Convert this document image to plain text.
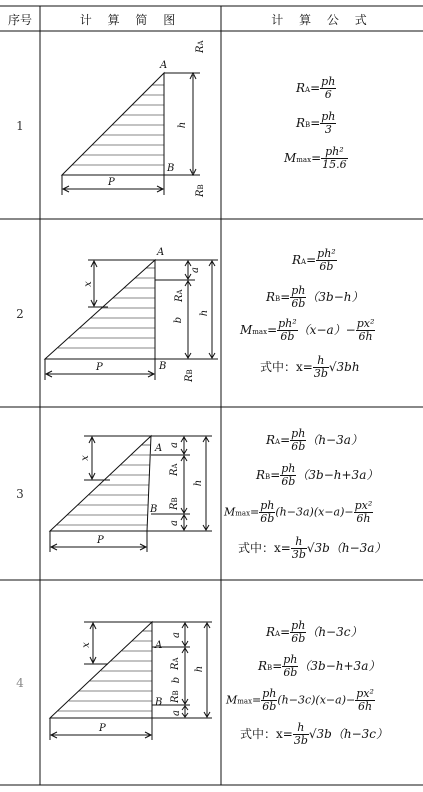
序号	计 算 简 图	计 算 公 式
1
2
3
4
A
B
RA
h
RB
P
$RA= \frac{ph}{6}$
$RB= \frac{ph}{3}$
$Mmax= \frac{\text{ph²}}{15.6}$
A
B
x
a
RA
b
h
RB
P
$RA= \frac{\text{ph²}}{6b}$
$RB= \frac{ph}{6b} (3b-h)$
$Mmax= \frac{\text{ph²}}{6b} (x-a)- \frac{\text{px²}}{6h}$
式中：$x= \frac{h}{3b} √3bh$
A
B
x
a
RA
RB
a
h
P
$RA= \frac{ph}{6b} (h-3a)$
$RB= \frac{ph}{6b} (3b-h+3a)$
$Mmax= \frac{ph}{6b} (h-3a)(x-a)- \frac{\text{px²}}{6h}$
式中：$x= \frac{h}{3b} √3b(h-3a)$
A
B
x
a
RA
b
RB
a
h
P
$RA= \frac{ph}{6b} (h-3c)$
$RB= \frac{ph}{6b} (3b-h+3a)$
$Mmax= \frac{ph}{6b} (h-3c)(x-a)- \frac{\text{px²}}{6h}$
式中：$x= \frac{h}{3b} √3b(h-3c)$
